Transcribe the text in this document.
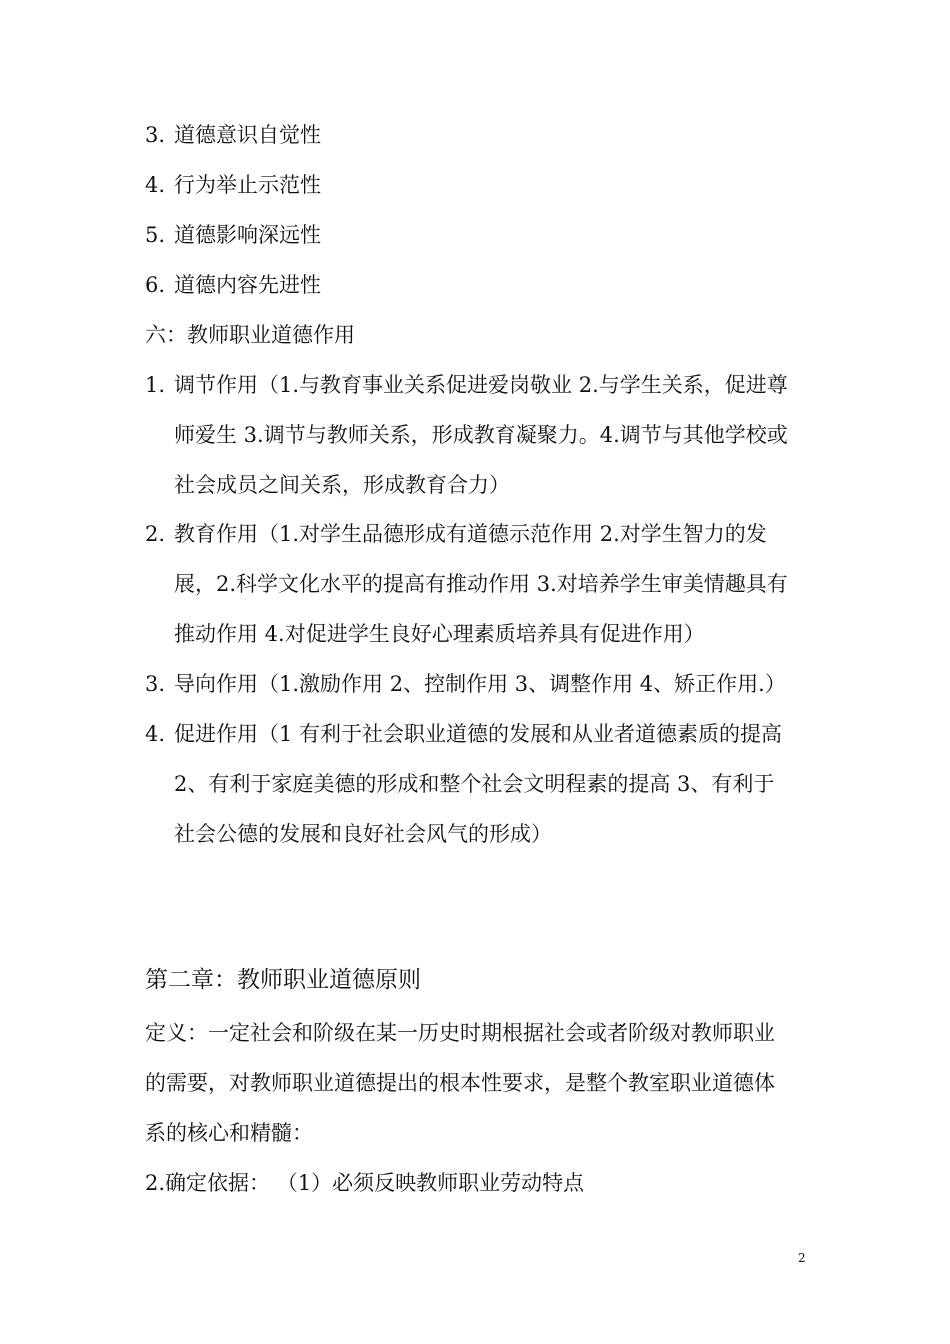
3. 道德意识自觉性
4. 行为举止示范性
5. 道德影响深远性
6. 道德内容先进性
六：教师职业道德作用
1. 调节作用（1.与教育事业关系促进爱岗敬业 2.与学生关系，促进尊
师爱生 3.调节与教师关系，形成教育凝聚力。4.调节与其他学校或
社会成员之间关系，形成教育合力）
2. 教育作用（1.对学生品德形成有道德示范作用 2.对学生智力的发
展，2.科学文化水平的提高有推动作用 3.对培养学生审美情趣具有
推动作用 4.对促进学生良好心理素质培养具有促进作用）
3. 导向作用（1.激励作用 2、控制作用 3、调整作用 4、矫正作用.）
4. 促进作用（1 有利于社会职业道德的发展和从业者道德素质的提高
2、有利于家庭美德的形成和整个社会文明程素的提高 3、有利于
社会公德的发展和良好社会风气的形成）
第二章：教师职业道德原则
定义：一定社会和阶级在某一历史时期根据社会或者阶级对教师职业
的需要，对教师职业道德提出的根本性要求，是整个教室职业道德体
系的核心和精髓：
2.确定依据： （1）必须反映教师职业劳动特点
2
